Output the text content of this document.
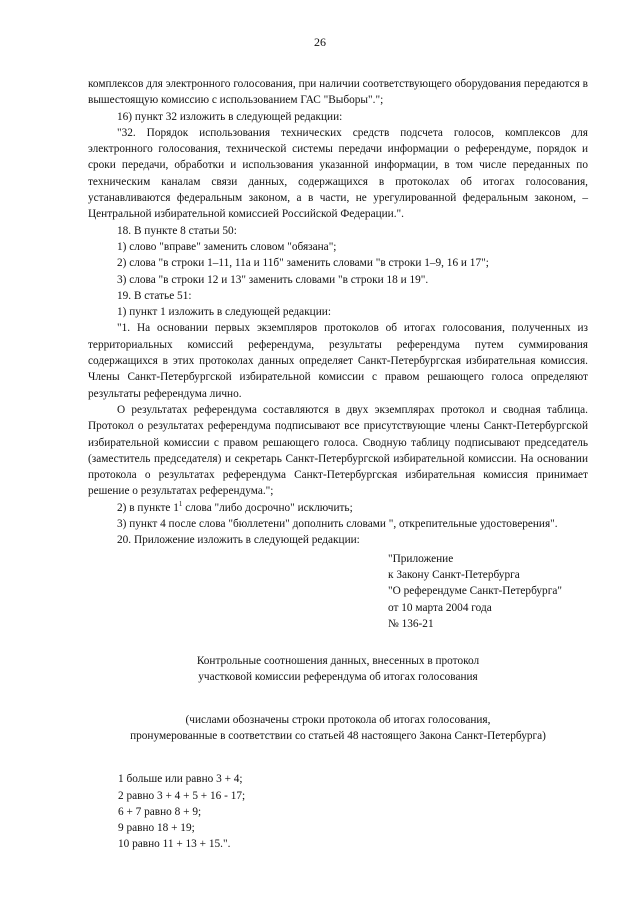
26

комплексов для электронного голосования, при наличии соответствующего оборудования передаются в вышестоящую комиссию с использованием ГАС "Выборы".";

16) пункт 32 изложить в следующей редакции:

"32. Порядок использования технических средств подсчета голосов, комплексов для электронного голосования, технической системы передачи информации о референдуме, порядок и сроки передачи, обработки и использования указанной информации, в том числе переданных по техническим каналам связи данных, содержащихся в протоколах об итогах голосования, устанавливаются федеральным законом, а в части, не урегулированной федеральным законом, – Центральной избирательной комиссией Российской Федерации.".

18. В пункте 8 статьи 50:

1) слово "вправе" заменить словом "обязана";

2) слова "в строки 1–11, 11а и 11б" заменить словами "в строки 1–9, 16 и 17";

3) слова "в строки 12 и 13" заменить словами "в строки 18 и 19".

19. В статье 51:

1) пункт 1 изложить в следующей редакции:

"1. На основании первых экземпляров протоколов об итогах голосования, полученных из территориальных комиссий референдума, результаты референдума путем суммирования содержащихся в этих протоколах данных определяет Санкт-Петербургская избирательная комиссия. Члены Санкт-Петербургской избирательной комиссии с правом решающего голоса определяют результаты референдума лично.

О результатах референдума составляются в двух экземплярах протокол и сводная таблица. Протокол о результатах референдума подписывают все присутствующие члены Санкт-Петербургской избирательной комиссии с правом решающего голоса. Сводную таблицу подписывают председатель (заместитель председателя) и секретарь Санкт-Петербургской избирательной комиссии. На основании протокола о результатах референдума Санкт-Петербургская избирательная комиссия принимает решение о результатах референдума.";

2) в пункте $1^1$ слова "либо досрочно" исключить;

3) пункт 4 после слова "бюллетени" дополнить словами ", открепительные удостоверения".

20. Приложение изложить в следующей редакции:

"Приложение

к Закону Санкт-Петербурга

"О референдуме Санкт-Петербурга"

от 10 марта 2004 года

№ 136-21

Контрольные соотношения данных, внесенных в протокол

участковой комиссии референдума об итогах голосования

(числами обозначены строки протокола об итогах голосования,

пронумерованные в соответствии со статьей 48 настоящего Закона Санкт-Петербурга)

1 больше или равно 3 + 4;

2 равно 3 + 4 + 5 + 16 - 17;

6 + 7 равно 8 + 9;

9 равно 18 + 19;

10 равно 11 + 13 + 15.".
